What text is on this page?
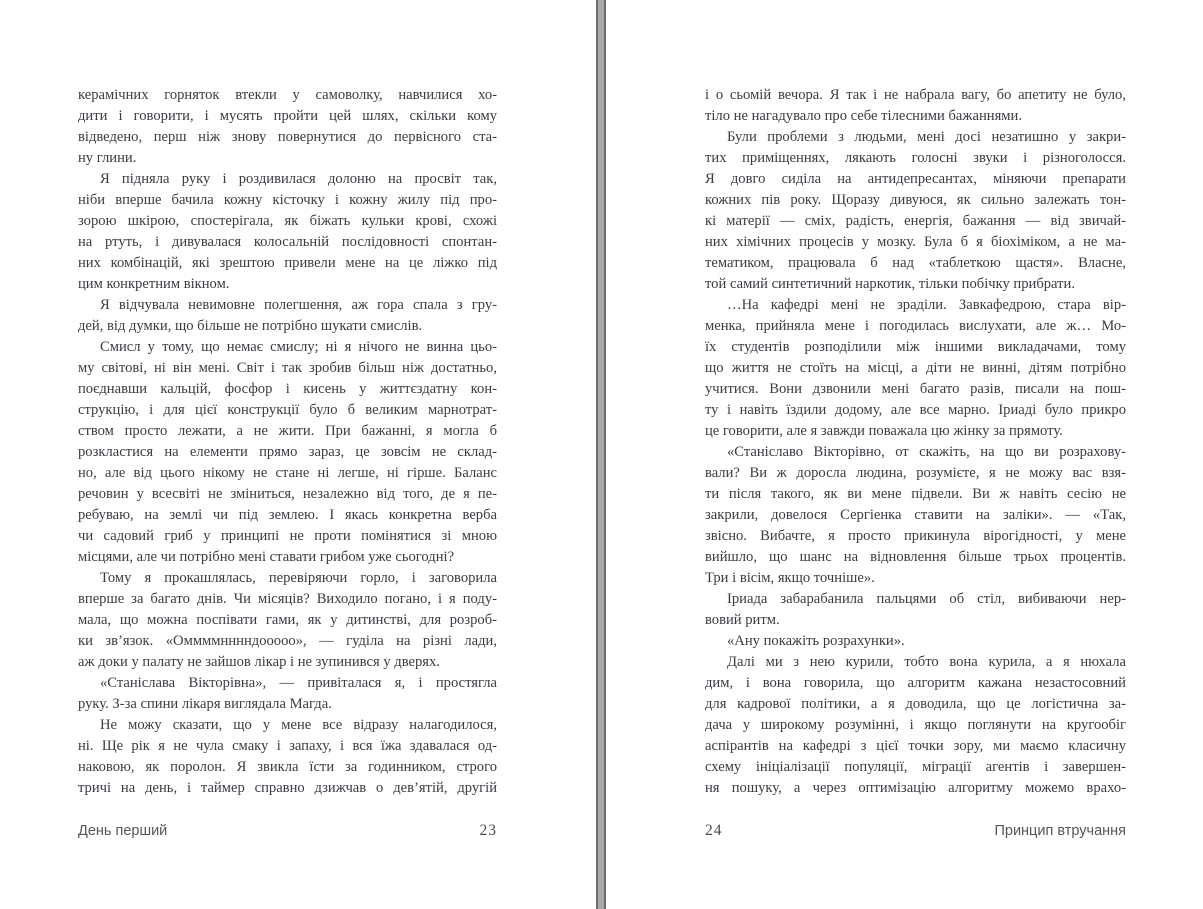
керамічних горняток втекли у самоволку, навчилися хо-
дити і говорити, і мусять пройти цей шлях, скільки кому
відведено, перш ніж знову повернутися до первісного ста-
ну глини.
Я підняла руку і роздивилася долоню на просвіт так,
ніби вперше бачила кожну кісточку і кожну жилу під про-
зорою шкірою, спостерігала, як біжать кульки крові, схожі
на ртуть, і дивувалася колосальній послідовності спонтан-
них комбінацій, які зрештою привели мене на це ліжко під
цим конкретним вікном.
Я відчувала невимовне полегшення, аж гора спала з гру-
дей, від думки, що більше не потрібно шукати смислів.
Смисл у тому, що немає смислу; ні я нічого не винна цьо-
му світові, ні він мені. Світ і так зробив більш ніж достатньо,
поєднавши кальцій, фосфор і кисень у життєздатну кон-
струкцію, і для цієї конструкції було б великим марнотрат-
ством просто лежати, а не жити. При бажанні, я могла б
розкластися на елементи прямо зараз, це зовсім не склад-
но, але від цього нікому не стане ні легше, ні гірше. Баланс
речовин у всесвіті не зміниться, незалежно від того, де я пе-
ребуваю, на землі чи під землею. І якась конкретна верба
чи садовий гриб у принципі не проти помінятися зі мною
місцями, але чи потрібно мені ставати грибом уже сьогодні?
Тому я прокашлялась, перевіряючи горло, і заговорила
вперше за багато днів. Чи місяців? Виходило погано, і я поду-
мала, що можна поспівати гами, як у дитинстві, для розроб-
ки зв’язок. «Оммммнннндооооо», — гуділа на різні лади,
аж доки у палату не зайшов лікар і не зупинився у дверях.
«Станіслава Вікторівна», — привіталася я, і простягла
руку. З-за спини лікаря виглядала Магда.
Не можу сказати, що у мене все відразу налагодилося,
ні. Ще рік я не чула смаку і запаху, і вся їжа здавалася од-
наковою, як поролон. Я звикла їсти за годинником, строго
тричі на день, і таймер справно дзижчав о дев’ятій, другій
День перший	23
і о сьомій вечора. Я так і не набрала вагу, бо апетиту не було,
тіло не нагадувало про себе тілесними бажаннями.
Були проблеми з людьми, мені досі незатишно у закри-
тих приміщеннях, лякають голосні звуки і різноголосся.
Я довго сиділа на антидепресантах, міняючи препарати
кожних пів року. Щоразу дивуюся, як сильно залежать тон-
кі матерії — сміх, радість, енергія, бажання — від звичай-
них хімічних процесів у мозку. Була б я біохіміком, а не ма-
тематиком, працювала б над «таблеткою щастя». Власне,
той самий синтетичний наркотик, тільки побічку прибрати.
…На кафедрі мені не зраділи. Завкафедрою, стара вір-
менка, прийняла мене і погодилась вислухати, але ж… Мо-
їх студентів розподілили між іншими викладачами, тому
що життя не стоїть на місці, а діти не винні, дітям потрібно
учитися. Вони дзвонили мені багато разів, писали на пош-
ту і навіть їздили додому, але все марно. Іриаді було прикро
це говорити, але я завжди поважала цю жінку за прямоту.
«Станіславо Вікторівно, от скажіть, на що ви розрахову-
вали? Ви ж доросла людина, розумієте, я не можу вас взя-
ти після такого, як ви мене підвели. Ви ж навіть сесію не
закрили, довелося Сергіенка ставити на заліки». — «Так,
звісно. Вибачте, я просто прикинула вірогідності, у мене
вийшло, що шанс на відновлення більше трьох процентів.
Три і вісім, якщо точніше».
Іриада забарабанила пальцями об стіл, вибиваючи нер-
вовий ритм.
«Ану покажіть розрахунки».
Далі ми з нею курили, тобто вона курила, а я нюхала
дим, і вона говорила, що алгоритм кажана незастосовний
для кадрової політики, а я доводила, що це логістична за-
дача у широкому розумінні, і якщо поглянути на кругообіг
аспірантів на кафедрі з цієї точки зору, ми маємо класичну
схему ініціалізації популяції, міграції агентів і завершен-
ня пошуку, а через оптимізацію алгоритму можемо врахо-
24	Принцип втручання
